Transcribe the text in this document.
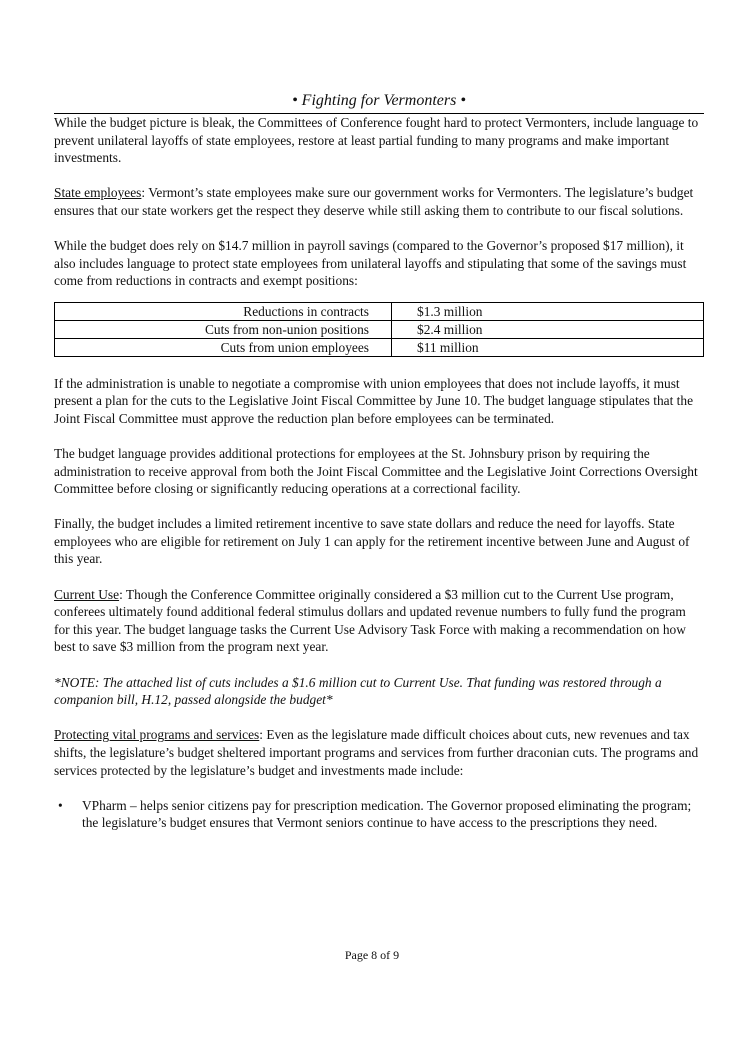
• Fighting for Vermonters •

While the budget picture is bleak, the Committees of Conference fought hard to protect Vermonters, include language to prevent unilateral layoffs of state employees, restore at least partial funding to many programs and make important investments.

State employees: Vermont’s state employees make sure our government works for Vermonters. The legislature’s budget ensures that our state workers get the respect they deserve while still asking them to contribute to our fiscal solutions.

While the budget does rely on $14.7 million in payroll savings (compared to the Governor’s proposed $17 million), it also includes language to protect state employees from unilateral layoffs and stipulating that some of the savings must come from reductions in contracts and exempt positions:

Reductions in contracts	$1.3 million
Cuts from non-union positions	$2.4 million
Cuts from union employees	$11 million

If the administration is unable to negotiate a compromise with union employees that does not include layoffs, it must present a plan for the cuts to the Legislative Joint Fiscal Committee by June 10. The budget language stipulates that the Joint Fiscal Committee must approve the reduction plan before employees can be terminated.

The budget language provides additional protections for employees at the St. Johnsbury prison by requiring the administration to receive approval from both the Joint Fiscal Committee and the Legislative Joint Corrections Oversight Committee before closing or significantly reducing operations at a correctional facility.

Finally, the budget includes a limited retirement incentive to save state dollars and reduce the need for layoffs. State employees who are eligible for retirement on July 1 can apply for the retirement incentive between June and August of this year.

Current Use: Though the Conference Committee originally considered a $3 million cut to the Current Use program, conferees ultimately found additional federal stimulus dollars and updated revenue numbers to fully fund the program for this year. The budget language tasks the Current Use Advisory Task Force with making a recommendation on how best to save $3 million from the program next year.

*NOTE: The attached list of cuts includes a $1.6 million cut to Current Use. That funding was restored through a companion bill, H.12, passed alongside the budget*

Protecting vital programs and services: Even as the legislature made difficult choices about cuts, new revenues and tax shifts, the legislature’s budget sheltered important programs and services from further draconian cuts. The programs and services protected by the legislature’s budget and investments made include:

• VPharm – helps senior citizens pay for prescription medication. The Governor proposed eliminating the program; the legislature’s budget ensures that Vermont seniors continue to have access to the prescriptions they need.
Page 8 of 9
